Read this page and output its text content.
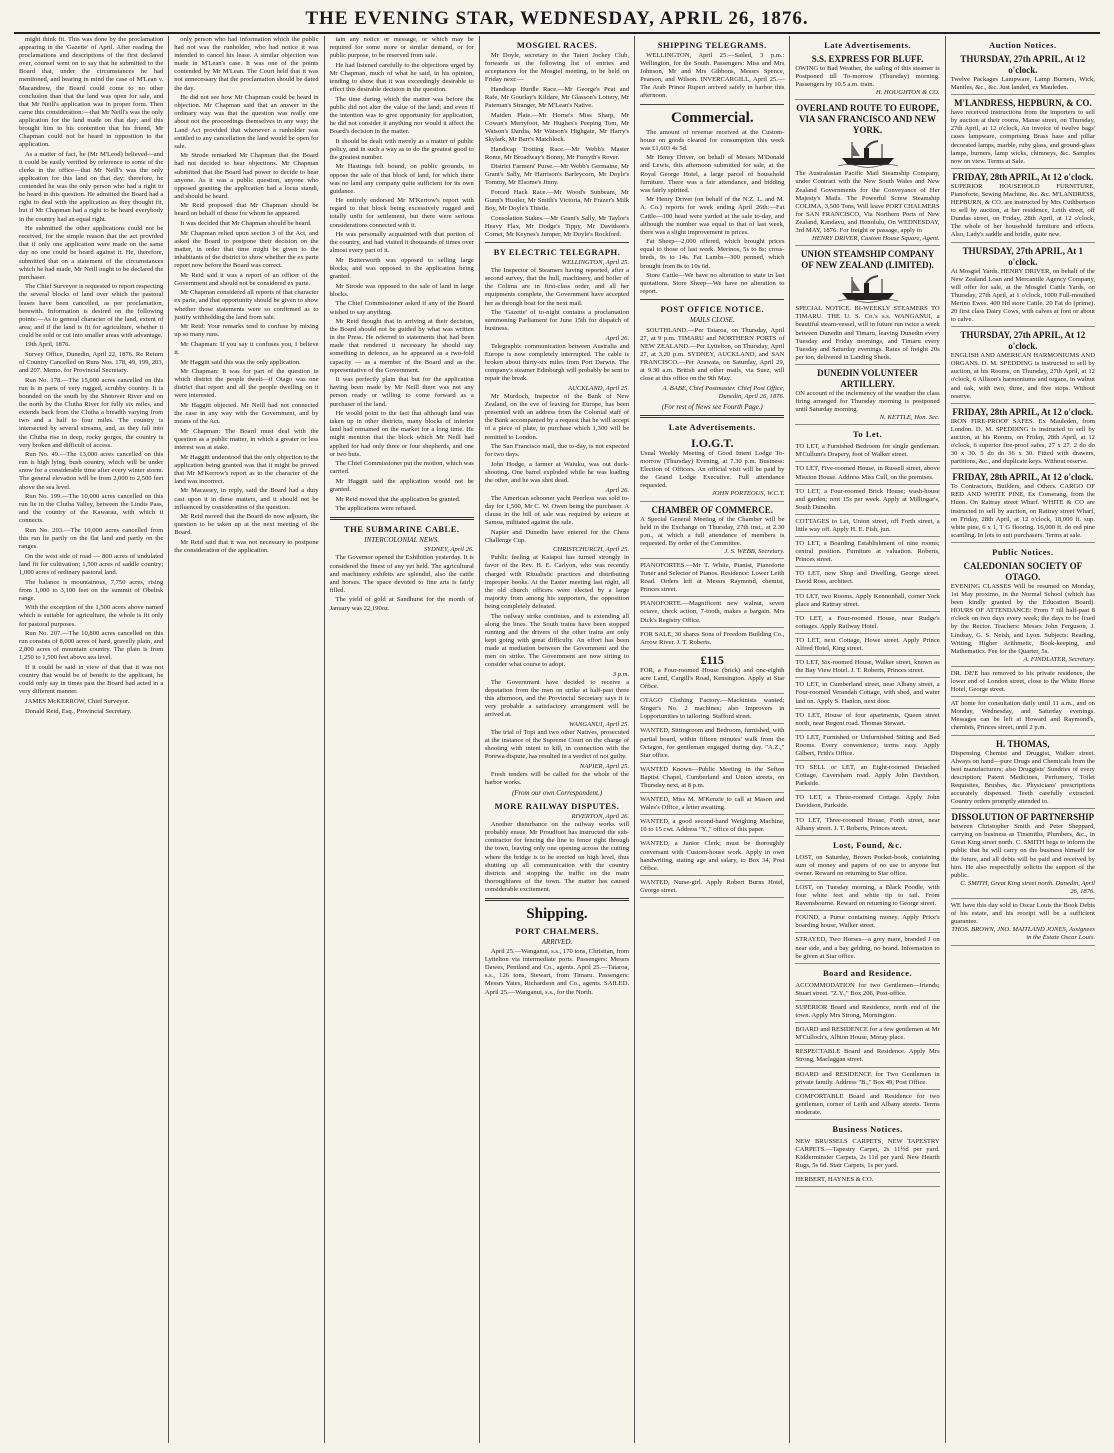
THE EVENING STAR, WEDNESDAY, APRIL 26, 1876.

might think fit. This was done by the proclamation appearing in the 'Gazette' of April. After reading the proclamations and descriptions of the first declared over, counsel went on to say that he submitted to the Board that, under the circumstances he had mentioned, and bearing in mind the case of M'Lean v. Macandrew, the Board could come to no other conclusion than that the land was open for sale, and that Mr Neill's application was in proper form. Then came this consideration:—that Mr Neill's was the only application for the land made on that day; and this brought him to his contention that his friend, Mr Chapman could not be heard in opposition to the application.

As a matter of fact, he (Mr M'Leod) believed—and it could be easily verified by reference to some of the clerks in the office—that Mr Neill's was the only application for this land on that day; therefore, he contended he was the only person who had a right to be heard in this question. He admitted the Board had a right to deal with the application as they thought fit, but if Mr Chapman had a right to be heard everybody in the country had an equal right.

He submitted the other applications could not be received, for the simple reason that the act provided that if only one application were made on the same day no one could be heard against it. He, therefore, submitted that on a statement of the circumstances which he had made, Mr Neill ought to be declared the purchaser.

The Chief Surveyor is requested to report respecting the several blocks of land over which the pastoral leases have been cancelled, as per proclamation, herewith. Information is desired on the following points:—As to general character of the land, extent of area; and if the land is fit for agriculture, whether it could be sold or cut into smaller areas with advantage.

19th April, 1876.

Survey Office, Dunedin, April 22, 1876. Re Return of Country Cancelled on Runs Nos. 178, 49, 199, 203, and 207. Memo. for Provincial Secretary.

Run No. 178.—The 15,000 acres cancelled on this run is in parts of very rugged, scrubby country. It is bounded on the south by the Shotover River and on the north by the Clutha River for fully six miles, and extends back from the Clutha a breadth varying from two and a half to four miles. The country is intersected by several streams, and, as they fall into the Clutha rise in deep, rocky gorges, the country is very broken and difficult of access.

Run No. 49.—The 13,000 acres cancelled on this run is high lying, bush country, which will be under snow for a considerable time after every winter storm. The general elevation will be from 2,000 to 2,500 feet above the sea level.

Run No. 199.—The 10,000 acres cancelled on this run lie in the Clutha Valley, between the Lindis Pass, and the country of the Kawarau, with which it connects.

Run No. 203.—The 10,000 acres cancelled from this run lie partly on the flat land and partly on the ranges.

On the west side of road — 800 acres of undulated land fit for cultivation; 1,500 acres of saddle country; 1,000 acres of ordinary pastoral land.

The balance is mountainous, 7,750 acres, rising from 1,000 to 3,100 feet on the summit of Obelisk range.

With the exception of the 1,500 acres above named which is suitable for agriculture, the whole is fit only for pastoral purposes.

Run No. 207.—The 10,800 acres cancelled on this run consists of 8,000 acres of hard, gravelly plain, and 2,800 acres of mountain country. The plain is from 1,250 to 1,500 feet above sea level.

If it could be said in view of that that it was not country that would be of benefit to the applicant, he could only say in times past the Board had acted in a very different manner.

JAMES McKERROW, Chief Surveyor.

Donald Reid, Esq., Provincial Secretary.

only person who had information which the public had not was the runholder, who had notice it was intended to cancel his lease. A similar objection was made in M'Lean's case. It was one of the points contended by Mr M'Lean. The Court held that it was not unnecessary that the proclamation should be dated the day.

He did not see how Mr Chapman could be heard in objection. Mr Chapman said that an answer in the ordinary way was that the question was really one about not the proceedings themselves in any way; the Land Act provided that whenever a runholder was entitled to any cancellation the land would be open for sale.

Mr Strode remarked Mr Chapman that the Board had not decided to hear objections. Mr Chapman submitted that the Board had power to decide to hear anyone. As it was a public question, anyone who opposed granting the application had a locus standi, and should be heard.

Mr Reid proposed that Mr Chapman should be heard on behalf of those for whom he appeared.

It was decided that Mr Chapman should be heard.

Mr Chapman relied upon section 3 of the Act, and asked the Board to postpone their decision on the matter, in order that time might be given to the inhabitants of the district to show whether the ex parte report now before the Board was correct.

Mr Reid said it was a report of an officer of the Government and should not be considered ex parte.

Mr Chapman considered all reports of that character ex parte, and that opportunity should be given to show whether those statements were so confirmed as to justify withholding the land from sale.

Mr Reid: Your remarks tend to confuse by mixing up so many runs.

Mr Chapman: If you say it confuses you, I believe it.

Mr Haggitt said this was the only application.

Mr Chapman: It was for part of the question in which district the people dwelt—if Otago was one district that report and all the people dwelling on it were interested.

Mr Haggitt objected. Mr Neill had not connected the case in any way with the Government, and by means of the Act.

Mr Chapman: The Board must deal with the question as a public matter, in which a greater or less interest was at stake.

Mr Haggitt understood that the only objection to the application being granted was that it might be proved that Mr M'Kerrow's report as to the character of the land was incorrect.

Mr Macassey, in reply, said the Board had a duty cast upon it in these matters, and it should not be influenced by consideration of the question.

Mr Reid moved that the Board do now adjourn, the question to be taken up at the next meeting of the Board.

Mr Reid said that it was not necessary to postpone the consideration of the application.

tain any notice or message, or which may be required for some more or similar demand, or for public purpose, to be reserved from sale.

He had listened carefully to the objections urged by Mr Chapman, much of what he said, in his opinion, tending to show that it was exceedingly desirable to effect this desirable decision in the question.

The time during which the matter was before the public did not alter the value of the land; and even if the intention was to give opportunity for application, he did not consider it anything nor would it affect the Board's decision in the matter.

It should be dealt with merely as a matter of public policy, and in such a way as to do the greatest good to the greatest number.

Mr Hastings felt bound, on public grounds, to oppose the sale of that block of land, for which there was no land any company quite sufficient for its own guidance.

He entirely endorsed Mr M'Kerrow's report with regard to that block being excessively rugged and totally unfit for settlement, but there were serious considerations connected with it.

He was personally acquainted with that portion of the country, and had visited it thousands of times over almost every part of it.

Mr Butterworth was opposed to selling large blocks, and was opposed to the application being granted.

Mr Strode was opposed to the sale of land in large blocks.

The Chief Commissioner asked if any of the Board wished to say anything.

Mr Reid thought that in arriving at their decision, the Board should not be guided by what was written in the Press. He referred to statements that had been made that rendered it necessary he should say something in defence, as he appeared as a two-fold capacity — as a member of the Board and as the representative of the Government.

It was perfectly plain that but for the application having been made by Mr Neill there was not any person ready or willing to come forward as a purchaser of the land.

He would point to the fact that although land was taken up in other districts, many blocks of inferior land had remained on the market for a long time. He might mention that the block which Mr Neill had applied for had only three or four shepherds, and one or two huts.

The Chief Commissioner put the motion, which was carried.

Mr Haggitt said the application would not be granted.

Mr Reid moved that the application be granted.

The applications were refused.

THE SUBMARINE CABLE.
INTERCOLONIAL NEWS.
SYDNEY, April 26.

The Governor opened the Exhibition yesterday. It is considered the finest of any yet held. The agricultural and machinery exhibits are splendid, also the cattle and horses. The space devoted to fine arts is fairly filled.

The yield of gold at Sandhurst for the month of January was 22,190oz.

MOSGIEL RACES.

Mr Doyle, secretary to the Taieri Jockey Club, forwards us the following list of entries and acceptances for the Mosgiel meeting, to be held on Friday next:—

Handicap Hurdle Race.—Mr George's Peat and Rafe, Mr Gourlay's Kildare, Mr Glasson's Lottery, Mr Pateman's Stranger, Mr M'Lean's Native.

Maiden Plate.—Mr Horne's Miss Sharp, Mr Cowan's Merryfoot, Mr Hughes's Peeping Tom, Mr Watson's Dardia, Mr Watson's Highgate, Mr Harry's Skylark, Mr Barr's Matchlock.

Handicap Trotting Race.—Mr Webb's Master Rome, Mr Broadway's Bonny, Mr Forsyth's Rover.

District Farmers' Purse.—Mr Webb's Germaine, Mr Grant's Sally, Mr Harrison's Barleycorn, Mr Doyle's Tommy, Mr Elsome's Jinny.

Forced Hack Race.—Mr Wood's Sunbeam, Mr Gunn's Hustler, Mr Smith's Victoria, Mr Frazer's Milk Boy, Mr Doyle's Thistle.

Consolation Stakes.—Mr Grant's Sally, Mr Taylor's Heavy Flax, Mr Dodge's Tippy, Mr Davidson's Cornet, Mr Keynes's Jumper, Mr Doyle's Rockford.

BY ELECTRIC TELEGRAPH.
WELLINGTON, April 25.

The Inspector of Steamers having reported, after a second survey, that the hull, machinery, and boiler of the Colima are in first-class order, and all her equipments complete, the Government have accepted her as through boat for the next mail.

The 'Gazette' of to-night contains a proclamation summoning Parliament for June 15th for dispatch of business.

April 26.

Telegraphic communication between Australia and Europe is now completely interrupted. The cable is broken about thirty-six miles from Port Darwin. The company's steamer Edinburgh will probably be sent to repair the break.

AUCKLAND, April 25.

Mr Murdoch, Inspector of the Bank of New Zealand, on the eve of leaving for Europe, has been presented with an address from the Colonial staff of the Bank accompanied by a request that he will accept of a piece of plate, to purchase which 1,300 will be remitted to London.

The San Francisco mail, due to-day, is not expected for two days.

John Hodge, a farmer at Waiuku, was out duck-shooting. One barrel exploded while he was loading the other, and he was shot dead.

April 26.

The American schooner yacht Peerless was sold to-day for 1,500, Mr C. W. Owen being the purchaser. A clause in the bill of sale was required by seizure at Samoa, militated against the sale.

Napier and Dunedin have entered for the Chess Challenge Cup.

CHRISTCHURCH, April 25.

Public feeling at Kaiapoi has turned strongly in favor of the Rev. H. E. Carlyon, who was recently charged with Ritualistic practices and distributing improper books. At the Easter meeting last night, all the old church officers were elected by a large majority from among his supporters, the opposition being completely defeated.

The railway strike continues, and is extending all along the lines. The South trains have been stopped running and the drivers of the other trains are only kept going with great difficulty. An effort has been made at mediation between the Government and the men on strike. The Government are now sitting to consider what course to adopt.

3 p.m.

The Government have decided to receive a deputation from the men on strike at half-past three this afternoon, and the Provincial Secretary says it is very probable a satisfactory arrangement will be arrived at.

WANGANUI, April 25.

The trial of Topi and two other Natives, prosecuted at the instance of the Supreme Court on the charge of shooting with intent to kill, in connection with the Porewa dispute, has resulted in a verdict of not guilty.

NAPIER, April 25.

Fresh tenders will be called for the whole of the harbor works.

(From our own Correspondent.)
MORE RAILWAY DISPUTES.
RIVERTON, April 26.

Another disturbance on the railway works will probably ensue. Mr Proudfoot has instructed the sub-contractor for fencing the line to fence right through the town, leaving only one opening across the cutting where the bridge is to be erected on high level, thus shutting up all communication with the country districts and stopping the traffic on the main thoroughfares of the town. The matter has caused considerable excitement.

Shipping.
PORT CHALMERS.
ARRIVED.

April 25.—Wanganui, s.s., 170 tons, Christian, from Lyttelton via intermediate ports. Passengers: Messrs Dawes, Pentland and Co., agents. April 25.—Taiaroa, s.s., 126 tons, Stewart, from Timaru. Passengers: Messrs Yates, Richardson and Co., agents. SAILED. April 25.—Wanganui, s.s., for the North.

SHIPPING TELEGRAMS.

WELLINGTON, April 25.—Sailed, 3 p.m.: Wellington, for the South. Passengers: Miss and Mrs Johnson, Mr and Mrs Gibbons, Messrs Spence, Pearson, and Wilson. INVERCARGILL, April 25.—The Arab Prince Rupert arrived safely in harbor this afternoon.

Commercial.

The amount of revenue received at the Custom-house on goods cleared for consumption this week was £1,603 4s 5d.

Mr Henry Driver, on behalf of Messrs M'Donald and Lewis, this afternoon submitted for sale, at the Royal George Hotel, a large parcel of household furniture. There was a fair attendance, and bidding was fairly spirited.

Mr Henry Driver (on behalf of the N.Z. L. and M. A. Co.) reports for week ending April 26th:—Fat Cattle—100 head were yarded at the sale to-day, and although the number was equal to that of last week, there was a slight improvement in prices.

Fat Sheep—2,000 offered, which brought prices equal to those of last week. Merinos, 5s to 8s; cross-breds, 9s to 14s. Fat Lambs—300 penned, which brought from 8s to 10s 6d.

Store Cattle—We have no alteration to state in last quotations. Store Sheep—We have no alteration to report.

POST OFFICE NOTICE.
MAILS CLOSE.

SOUTHLAND.—Per Taiaroa, on Thursday, April 27, at 9 p.m. TIMARU and NORTHERN PORTS of NEW ZEALAND.—Per Lyttelton, on Thursday, April 27, at 3.20 p.m. SYDNEY, AUCKLAND, and SAN FRANCISCO.—Per Arawata, on Saturday, April 29, at 9.30 a.m. British and other mails, via Suez, will close at this office on the 9th May.

A. BABE, Chief Postmaster. Chief Post Office, Dunedin, April 26, 1876.
(For rest of News see Fourth Page.)
Late Advertisements.
I.O.G.T.
Usual Weekly Meeting of Good Intent Lodge To-morrow (Thursday) Evening, at 7.30 p.m. Business: Election of Officers. An official visit will be paid by the Grand Lodge Executive. Full attendance requested.
JOHN PORTEOUS, W.C.T.
CHAMBER OF COMMERCE.
A Special General Meeting of the Chamber will be held in the Exchange on Thursday, 27th inst., at 2.30 p.m., at which a full attendance of members is requested. By order of the Committee.
J. S. WEBB, Secretary.
PIANOFORTES.—Mr T. White, Pianist, Pianoforte Tuner and Selector of Pianos. Residence: Lower Leith Road. Orders left at Messrs Raymond, chemist, Princes street.
PIANOFORTE.—Magnificent new walnut, seven octave, check action, 7-tooth, makes a bargain. Mrs Dick's Registry Office.
FOR SALE, 30 shares Sons of Freedom Building Co., Arrow River. J. T. Roberts.
£115
FOR, a Four-roomed House (brick) and one-eighth acre Land, Cargill's Road, Kensington. Apply at Star Office.
OTAGO Clothing Factory.—Machinists wanted; Singer's No. 2 machines; also Improvers in l.opportunities to tailoring. Stafford street.
WANTED, Sittingroom and Bedroom, furnished, with partial board, within fifteen minutes' walk from the Octagon, for gentleman engaged during day. "A.Z.," Star office.
WANTED Known—Public Meeting in the Sefton Baptist Chapel, Cumberland and Union streets, on Thursday next, at 8 p.m.
WANTED, Miss M. M'Kenzie to call at Mason and Wales's Office, a letter awaiting.
WANTED, a good second-hand Weighing Machine, 10 to 15 cwt. Address "Y.," office of this paper.
WANTED, a Junior Clerk; must be thoroughly conversant with Custom-house work. Apply in own handwriting, stating age and salary, to Box 34, Post Office.
WANTED, Nurse-girl. Apply Robert Burns Hotel, George street.
Late Advertisements.
S.S. EXPRESS FOR BLUFF.
OWING to Bad Weather, the sailing of this steamer is Postponed till To-morrow (Thursday) morning. Passengers by 10.5 a.m. train.
H. HOUGHTON & CO.
OVERLAND ROUTE TO EUROPE, VIA SAN FRANCISCO AND NEW YORK.
The Australasian Pacific Mail Steamship Company, under Contract with the New South Wales and New Zealand Governments for the Conveyance of Her Majesty's Mails. The Powerful Screw Steamship COLIMA, 3,500 Tons, Will leave PORT CHALMERS for SAN FRANCISCO, Via Northern Ports of New Zealand, Kandavu, and Honolulu, On WEDNESDAY, 3rd MAY, 1876. For freight or passage, apply to
HENRY DRIVER, Custom House Square, Agent.
UNION STEAMSHIP COMPANY OF NEW ZEALAND (LIMITED).
SPECIAL NOTICE. BI-WEEKLY STEAMERS TO TIMARU. THE U. S. Co.'s s.s. WANGANUI, a beautiful steam-vessel, will in future run twice a week between Dunedin and Timaru, leaving Dunedin every Tuesday and Friday mornings, and Timaru every Tuesday and Saturday evenings. Rates of freight 20s per ton, delivered in Landing Sheds.
DUNEDIN VOLUNTEER ARTILLERY.
ON account of the inclemency of the weather the class firing arranged for Thursday morning is postponed until Saturday morning.
N. KETTLE, Hon. Sec.
To Let.
TO LET, a Furnished Bedroom for single gentleman. M'Cullum's Drapery, foot of Walker street.
TO LET, Five-roomed House, in Russell street, above Mission House. Address Miss Cull, on the premises.
TO LET, a Four-roomed Brick House; wash-house and garden; rent 15s per week. Apply at Millingar's, South Dunedin.
COTTAGES to Let, Union street, off Forth street, a little way off. Apply H. E. Fish, jun.
TO LET, a Boarding Establishment of nine rooms; central position. Furniture at valuation. Roberts, Princes street.
TO LET, new Shop and Dwelling, George street. David Ross, architect.
TO LET, two Rooms. Apply Kennonhall, corner York place and Rattray street.
TO LET, a Four-roomed House, near Rudge's cottages. Apply Railway Hotel.
TO LET, next Cottage, Howe street. Apply Prince Alfred Hotel, King street.
TO LET, Six-roomed House, Walker street, known as the Bay View Hotel. J. T. Roberts, Princes street.
TO LET, in Cumberland street, near Albany street, a Four-roomed Verandah Cottage, with shed, and water laid on. Apply S. Hanlon, next door.
TO LET, House of four apartments, Queen street north, near Regent road. Thomas Stewart.
TO LET, Furnished or Unfurnished Sitting and Bed Rooms. Every convenience; terms easy. Apply Gilbert, Frith's Office.
TO SELL or LET, an Eight-roomed Detached Cottage, Caversham road. Apply John Davidson, Parkside.
TO LET, a Three-roomed Cottage. Apply John Davidson, Parkside.
TO LET, Three-roomed House, Forth street, near Albany street. J. T. Roberts, Princes street.
Lost, Found, &c.
LOST, on Saturday, Brown Pocket-book, containing sum of money and papers of no use to anyone but owner. Reward on returning to Star office.
LOST, on Tuesday morning, a Black Poodle, with four white feet and white tip to tail. From Ravensbourne. Reward on returning to George street.
FOUND, a Purse containing money. Apply Price's boarding house, Walker street.
STRAYED, Two Horses—a grey mare, branded J on near side, and a bay gelding, no brand. Information to be given at Star office.
Board and Residence.
ACCOMMODATION for two Gentlemen—friends; Stuart street. "Z.Y.," Box 206, Post-office.
SUPERIOR Board and Residence, north end of the town. Apply Mrs Strong, Mornington.
BOARD and RESIDENCE for a few gentlemen at Mr M'Culloch's, Albion House, Moray place.
RESPECTABLE Board and Residence. Apply Mrs Strong, Maclaggan street.
BOARD and RESIDENCE for Two Gentlemen in private family. Address "B.," Box 49, Post Office.
COMFORTABLE Board and Residence for two gentlemen, corner of Leith and Albany streets. Terms moderate.
Business Notices.
NEW BRUSSELS CARPETS, NEW TAPESTRY CARPETS.—Tapestry Carpet, 2s 11½d per yard. Kidderminster Carpets, 2s 11d per yard. New Hearth Rugs, 5s 6d. Stair Carpets, 1s per yard.
HERBERT, HAYNES & CO.
Auction Notices.
THURSDAY, 27th APRIL, At 12 o'clock.
Twelve Packages Lampware, Lamp Burners, Wick, Mantles, &c., &c. Just landed, ex Mauleden.
M'LANDRESS, HEPBURN, & CO.
have received instructions from the importers to sell by auction at their rooms, Manse street, on Thursday, 27th April, at 12 o'clock, An invoice of twelve bags' cases lampware, comprising Brass base and pillar decorated lamps, marble, ruby glass, and ground-glass lamps, burners, lamp wicks, chimneys, &c. Samples now on view. Terms at Sale.
FRIDAY, 28th APRIL, At 12 o'clock.
SUPERIOR HOUSEHOLD FURNITURE, Pianoforte, Sewing Machine, &c. &c. M'LANDRESS, HEPBURN, & CO. are instructed by Mrs Cuthbertson to sell by auction, at her residence, Leith street, off Dundas street, on Friday, 28th April, at 12 o'clock, The whole of her household furniture and effects. Also, Lady's saddle and bridle, quite new.
THURSDAY, 27th APRIL, At 1 o'clock.
At Mosgiel Yards. HENRY DRIVER, on behalf of the New Zealand Loan and Mercantile Agency Company, will offer for sale, at the Mosgiel Cattle Yards, on Thursday, 27th April, at 1 o'clock, 1000 Full-mouthed Merino Ewes. 400 Hd store Cattle. 20 Fat do (prime). 20 first class Dairy Cows, with calves at foot or about to calve.
THURSDAY, 27th APRIL, At 12 o'clock.
ENGLISH AND AMERICAN HARMONIUMS AND ORGANS. D. M. SPEDDING is instructed to sell by auction, at his Rooms, on Thursday, 27th April, at 12 o'clock, 6 Allison's harmoniums and organs, in walnut and oak, with two, three, and five stops. Without reserve.
FRIDAY, 28th APRIL, At 12 o'clock.
IRON FIRE-PROOF SAFES. Ex Mauleden, from London. D. M. SPEDDING is instructed to sell by auction, at his Rooms, on Friday, 28th April, at 12 o'clock, 6 superior fire-proof safes, 27 x 27. 2 do do 30 x 30. 5 do do 36 x 30. Fitted with drawers, partitions, &c., and duplicate keys. Without reserve.
FRIDAY, 28th APRIL, At 12 o'clock.
To Contractors, Builders, and Others. CARGO OF RED AND WHITE PINE, Ex Comerang, from the Huon. On Rattray street Wharf. WHITE & CO are instructed to sell by auction, on Rattray street Wharf, on Friday, 28th April, at 12 o'clock, 18,000 ft. sup. white pine, 6 x 1, T G flooring. 16,000 ft. do red pine scantling. In lots to suit purchasers. Terms at sale.
Public Notices.
CALEDONIAN SOCIETY OF OTAGO.
EVENING CLASSES Will be resumed on Monday, 1st May proximo, in the Normal School (which has been kindly granted by the Education Board). HOURS OF ATTENDANCE: From 7 till half-past 8 o'clock on two days every week; the days to be fixed by the Rector. Teachers: Messrs John Ferguson, J. Lindsay, G. S. Neish, and Lyon. Subjects: Reading, Writing, Higher Arithmetic, Book-keeping, and Mathematics. Fee for the Quarter, 5s.
A. FINDLATER, Secretary.
DR. DE'E has removed to his private residence, the lower end of London street, close to the White Horse Hotel, George street.
AT home for consultation daily until 11 a.m., and on Monday, Wednesday, and Saturday evenings. Messages can be left at Howard and Raymond's, chemists, Princes street, until 2 p.m.
H. THOMAS,
Dispensing Chemist and Druggist, Walker street. Always on hand—pure Drugs and Chemicals from the best manufacturers; also Druggists' Sundries of every description; Patent Medicines, Perfumery, Toilet Requisites, Brushes, &c. Physicians' prescriptions accurately dispensed. Teeth carefully extracted. Country orders promptly attended to.
DISSOLUTION OF PARTNERSHIP
between Christopher Smith and Peter Sheppard, carrying on business as Tinsmiths, Plumbers, &c., in Great King street north. C. SMITH begs to inform the public that he will carry on the business himself for the future, and all debts will be paid and received by him. He also respectfully solicits the support of the public.
C. SMITH, Great King street north. Dunedin, April 26, 1876.
WE have this day sold to Oscar Louis the Book Debts of his estate, and his receipt will be a sufficient guarantee.
THOS. BROWN, JNO. MAITLAND JONES, Assignees in the Estate Oscar Louis.
